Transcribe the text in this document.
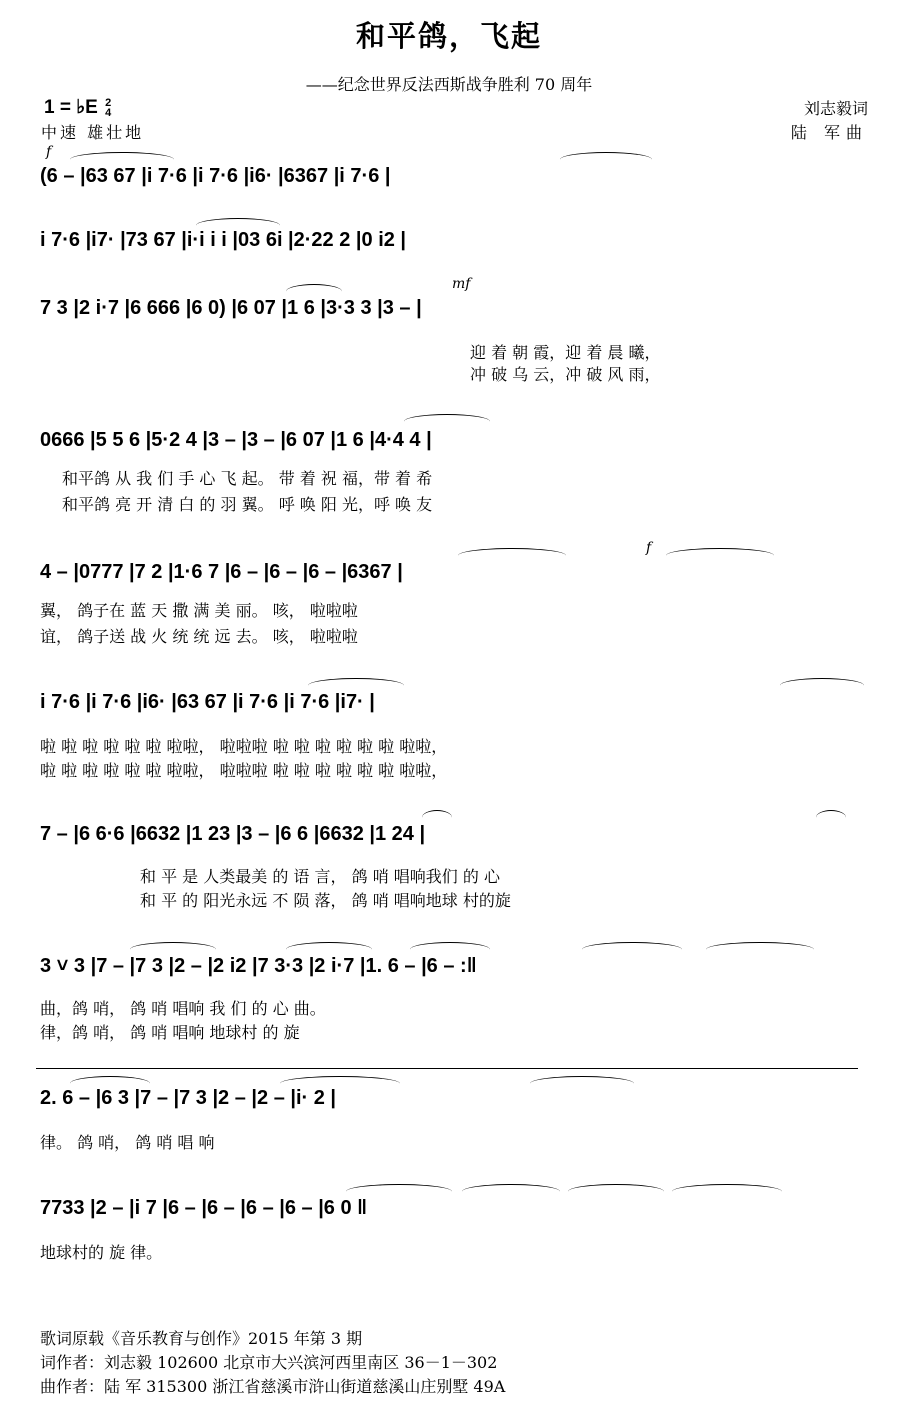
和平鸽，飞起
——纪念世界反法西斯战争胜利 70 周年
1 = ♭E 2
4
中速 雄壮地
刘志毅词
陆 军曲
f
(6 – |63 67 |i 7·6 |i 7·6 |i6· |6367 |i 7·6 |
i 7·6 |i7· |73 67 |i·i i i |03 6i |2·22 2 |0 i2 |
mf
7 3 |2 i·7 |6 666 |6 0) |6 07 |1 6 |3·3 3 |3 – |
迎 着 朝 霞，迎 着 晨 曦，
冲 破 乌 云，冲 破 风 雨，
0666 |5 5 6 |5·2 4 |3 – |3 – |6 07 |1 6 |4·4 4 |
和平鸽 从 我 们 手 心 飞 起。 带 着 祝 福，带 着 希
和平鸽 亮 开 清 白 的 羽 翼。 呼 唤 阳 光，呼 唤 友
f
4 – |0777 |7 2 |1·6 7 |6 – |6 – |6 – |6367 |
翼， 鸽子在 蓝 天 撒 满 美 丽。 咳， 啦啦啦
谊， 鸽子送 战 火 统 统 远 去。 咳， 啦啦啦
i 7·6 |i 7·6 |i6· |63 67 |i 7·6 |i 7·6 |i7· |
啦 啦 啦 啦 啦 啦 啦啦， 啦啦啦 啦 啦 啦 啦 啦 啦 啦啦，
啦 啦 啦 啦 啦 啦 啦啦， 啦啦啦 啦 啦 啦 啦 啦 啦 啦啦，
7 – |6 6·6 |6632 |1 23 |3 – |6 6 |6632 |1 24 |
和 平 是 人类最美 的 语 言， 鸽 哨 唱响我们 的 心
和 平 的 阳光永远 不 陨 落， 鸽 哨 唱响地球 村的旋
3 ˅ 3 |7 – |7 3 |2 – |2 i2 |7 3·3 |2 i·7 |1. 6 – |6 – :‖
曲，鸽 哨， 鸽 哨 唱响 我 们 的 心 曲。
律，鸽 哨， 鸽 哨 唱响 地球村 的 旋
2. 6 – |6 3 |7 – |7 3 |2 – |2 – |i· 2 |
律。 鸽 哨， 鸽 哨 唱 响
7733 |2 – |i 7 |6 – |6 – |6 – |6 – |6 0 ‖
地球村的 旋 律。
歌词原载《音乐教育与创作》2015 年第 3 期
词作者：刘志毅 102600 北京市大兴滨河西里南区 36－1－302
曲作者：陆 军 315300 浙江省慈溪市浒山街道慈溪山庄别墅 49A
